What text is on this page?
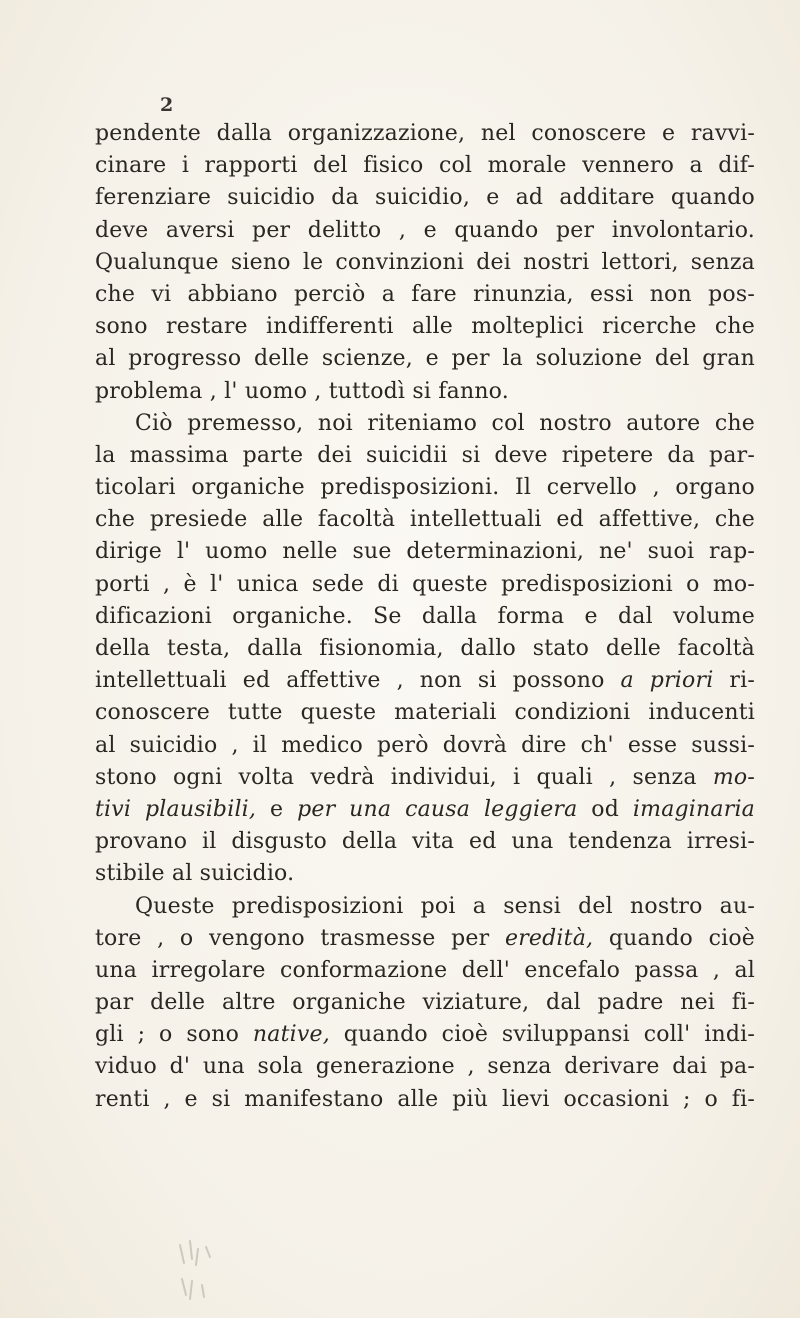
2
pendente dalla organizzazione, nel conoscere e ravvi-
cinare i rapporti del fisico col morale vennero a dif-
ferenziare suicidio da suicidio, e ad additare quando
deve aversi per delitto , e quando per involontario.
Qualunque sieno le convinzioni dei nostri lettori, senza
che vi abbiano perciò a fare rinunzia, essi non pos-
sono restare indifferenti alle molteplici ricerche che
al progresso delle scienze, e per la soluzione del gran
problema , l' uomo , tuttodì si fanno.
Ciò premesso, noi riteniamo col nostro autore che
la massima parte dei suicidii si deve ripetere da par-
ticolari organiche predisposizioni. Il cervello , organo
che presiede alle facoltà intellettuali ed affettive, che
dirige l' uomo nelle sue determinazioni, ne' suoi rap-
porti , è l' unica sede di queste predisposizioni o mo-
dificazioni organiche. Se dalla forma e dal volume
della testa, dalla fisionomia, dallo stato delle facoltà
intellettuali ed affettive , non si possono a priori ri-
conoscere tutte queste materiali condizioni inducenti
al suicidio , il medico però dovrà dire ch' esse sussi-
stono ogni volta vedrà individui, i quali , senza mo-
tivi plausibili, e per una causa leggiera od imaginaria
provano il disgusto della vita ed una tendenza irresi-
stibile al suicidio.
Queste predisposizioni poi a sensi del nostro au-
tore , o vengono trasmesse per eredità, quando cioè
una irregolare conformazione dell' encefalo passa , al
par delle altre organiche viziature, dal padre nei fi-
gli ; o sono native, quando cioè sviluppansi coll' indi-
viduo d' una sola generazione , senza derivare dai pa-
renti , e si manifestano alle più lievi occasioni ; o fi-
